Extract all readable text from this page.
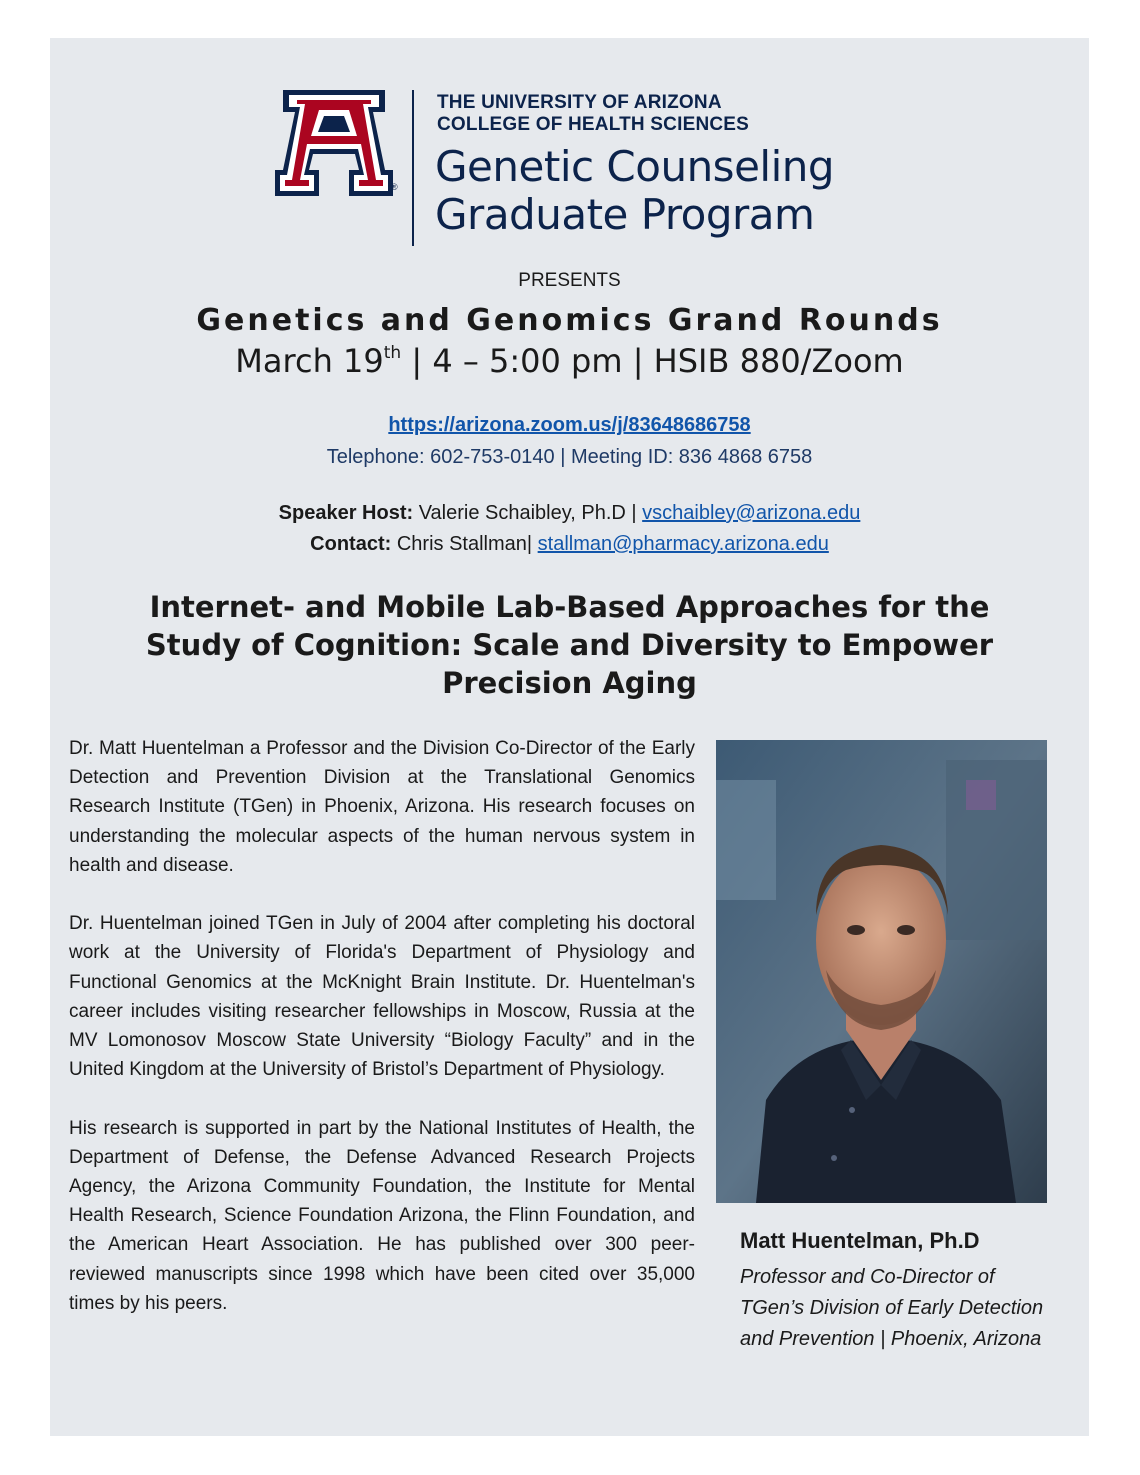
®
THE UNIVERSITY OF ARIZONA
COLLEGE OF HEALTH SCIENCES
Genetic Counseling
Graduate Program
PRESENTS
Genetics and Genomics Grand Rounds
March 19th | 4 – 5:00 pm | HSIB 880/Zoom
https://arizona.zoom.us/j/83648686758
Telephone: 602-753-0140 | Meeting ID: 836 4868 6758
Speaker Host: Valerie Schaibley, Ph.D | vschaibley@arizona.edu
Contact: Chris Stallman| stallman@pharmacy.arizona.edu
Internet- and Mobile Lab-Based Approaches for the
Study of Cognition: Scale and Diversity to Empower
Precision Aging

Dr. Matt Huentelman a Professor and the Division Co-Director of the Early Detection and Prevention Division at the Translational Genomics Research Institute (TGen) in Phoenix, Arizona. His research focuses on understanding the molecular aspects of the human nervous system in health and disease.

Dr. Huentelman joined TGen in July of 2004 after completing his doctoral work at the University of Florida's Department of Physiology and Functional Genomics at the McKnight Brain Institute. Dr. Huentelman's career includes visiting researcher fellowships in Moscow, Russia at the MV Lomonosov Moscow State University “Biology Faculty” and in the United Kingdom at the University of Bristol’s Department of Physiology.

His research is supported in part by the National Institutes of Health, the Department of Defense, the Defense Advanced Research Projects Agency, the Arizona Community Foundation, the Institute for Mental Health Research, Science Foundation Arizona, the Flinn Foundation, and the American Heart Association. He has published over 300 peer-reviewed manuscripts since 1998 which have been cited over 35,000 times by his peers.

Matt Huentelman, Ph.D
Professor and Co-Director of TGen’s Division of Early Detection and Prevention | Phoenix, Arizona
